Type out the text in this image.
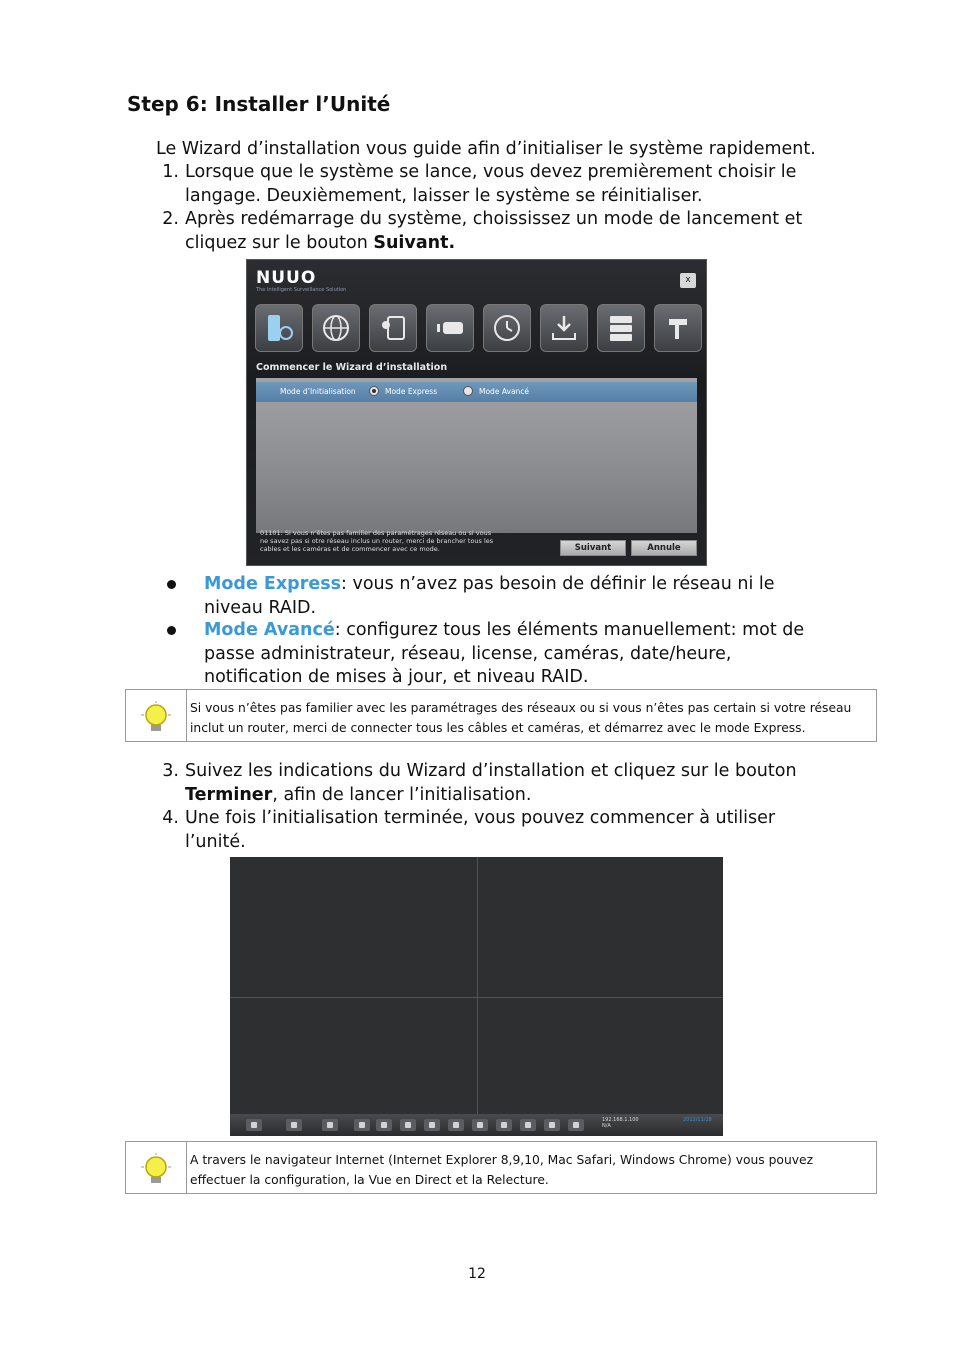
Step 6: Installer l’Unité
Le Wizard d’installation vous guide afin d’initialiser le système rapidement.
1. Lorsque que le système se lance, vous devez premièrement choisir le
langage. Deuxièmement, laisser le système se réinitialiser.
2. Après redémarrage du système, choississez un mode de lancement et
cliquez sur le bouton Suivant.
NUUO
The Intelligent Surveillance Solution
x
Commencer le Wizard d’installation
Mode d’Initialisation	Mode Express	Mode Avancé
01101: Si vous n’êtes pas familier des paramétrages réseau ou si vous ne savez pas si otre réseau inclus un router, merci de brancher tous les cables et les caméras et de commencer avec ce mode.	Suivant	Annule
Mode Express: vous n’avez pas besoin de définir le réseau ni le
niveau RAID.
Mode Avancé: configurez tous les éléments manuellement: mot de
passe administrateur, réseau, license, caméras, date/heure,
notification de mises à jour, et niveau RAID.
Si vous n’êtes pas familier avec les paramétrages des réseaux ou si vous n’êtes pas certain si votre réseau
inclut un router, merci de connecter tous les câbles et caméras, et démarrez avec le mode Express.
3. Suivez les indications du Wizard d’installation et cliquez sur le bouton
Terminer, afin de lancer l’initialisation.
4. Une fois l’initialisation terminée, vous pouvez commencer à utiliser
l’unité.
192.168.1.100
N/A
2012/11/28
A travers le navigateur Internet (Internet Explorer 8,9,10, Mac Safari, Windows Chrome) vous pouvez
effectuer la configuration, la Vue en Direct et la Relecture.
12
